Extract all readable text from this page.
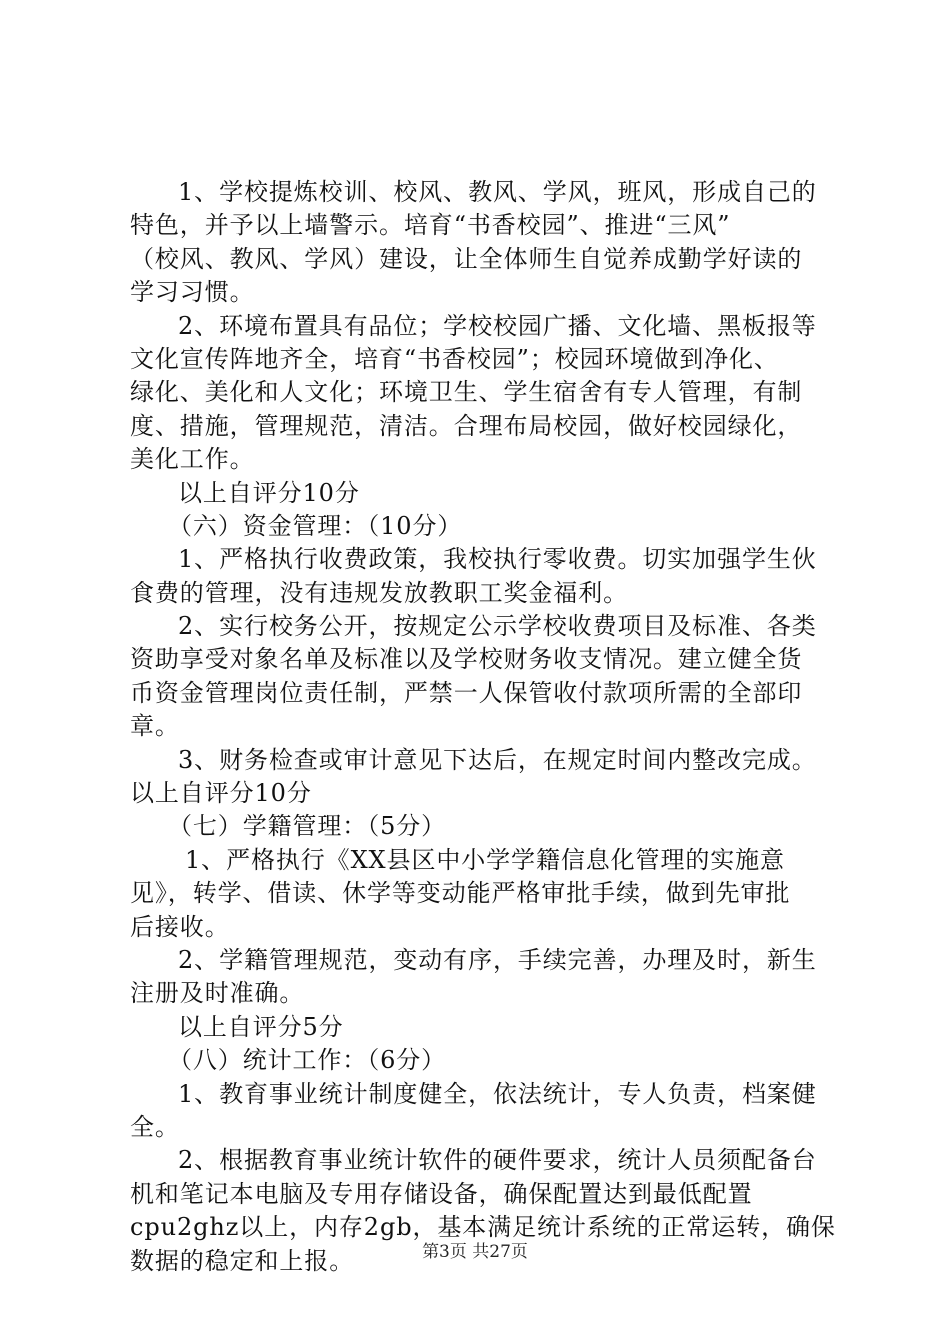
1、学校提炼校训、校风、教风、学风，班风，形成自己的
特色，并予以上墙警示。培育“书香校园”、推进“三风”
（校风、教风、学风）建设，让全体师生自觉养成勤学好读的
学习习惯。
2、环境布置具有品位；学校校园广播、文化墙、黑板报等
文化宣传阵地齐全，培育“书香校园”；校园环境做到净化、
绿化、美化和人文化；环境卫生、学生宿舍有专人管理，有制
度、措施，管理规范，清洁。合理布局校园，做好校园绿化，
美化工作。
以上自评分10分
（六）资金管理：（10分）
1、严格执行收费政策，我校执行零收费。切实加强学生伙
食费的管理，没有违规发放教职工奖金福利。
2、实行校务公开，按规定公示学校收费项目及标准、各类
资助享受对象名单及标准以及学校财务收支情况。建立健全货
币资金管理岗位责任制，严禁一人保管收付款项所需的全部印
章。
3、财务检查或审计意见下达后，在规定时间内整改完成。
以上自评分10分
（七）学籍管理：（5分）
1、严格执行《XX县区中小学学籍信息化管理的实施意
见》，转学、借读、休学等变动能严格审批手续，做到先审批
后接收。
2、学籍管理规范，变动有序，手续完善，办理及时，新生
注册及时准确。
以上自评分5分
（八）统计工作：（6分）
1、教育事业统计制度健全，依法统计，专人负责，档案健
全。
2、根据教育事业统计软件的硬件要求，统计人员须配备台
机和笔记本电脑及专用存储设备，确保配置达到最低配置
cpu2ghz以上，内存2gb，基本满足统计系统的正常运转，确保
数据的稳定和上报。	第3页 共27页
